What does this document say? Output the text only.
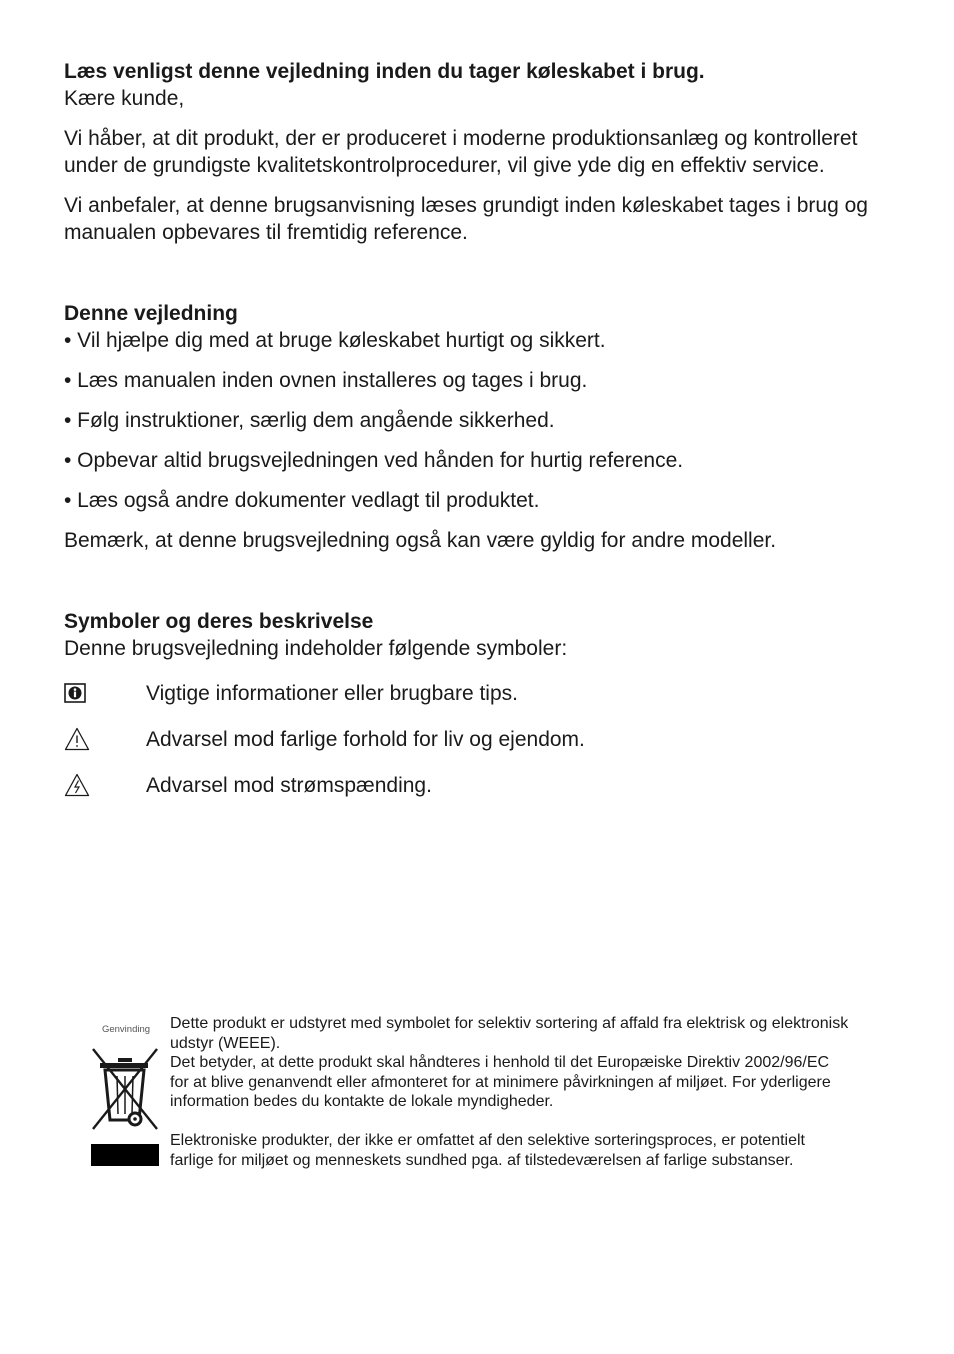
Læs venligst denne vejledning inden du tager køleskabet i brug.

Kære kunde,

Vi håber, at dit produkt, der er produceret i moderne produktionsanlæg og kontrolleret under de grundigste kvalitetskontrolprocedurer, vil give yde dig en effektiv service.

Vi anbefaler, at denne brugsanvisning læses grundigt inden køleskabet tages i brug og manualen opbevares til fremtidig reference.

Denne vejledning

• Vil hjælpe dig med at bruge køleskabet hurtigt og sikkert.

• Læs manualen inden ovnen installeres og tages i brug.

• Følg instruktioner, særlig dem angående sikkerhed.

• Opbevar altid brugsvejledningen ved hånden for hurtig reference.

• Læs også andre dokumenter vedlagt til produktet.

Bemærk, at denne brugsvejledning også kan være gyldig for andre modeller.

Symboler og deres beskrivelse

Denne brugsvejledning indeholder følgende symboler:

Vigtige informationer eller brugbare tips.
Advarsel mod farlige forhold for liv og ejendom.
Advarsel mod strømspænding.
Genvinding	Dette produkt er udstyret med symbolet for selektiv sortering af affald fra elektrisk og elektronisk udstyr (WEEE).

Det betyder, at dette produkt skal håndteres i henhold til det Europæiske Direktiv 2002/96/EC for at blive genanvendt eller afmonteret for at minimere påvirkningen af miljøet. For yderligere information bedes du kontakte de lokale myndigheder.

Elektroniske produkter, der ikke er omfattet af den selektive sorteringsproces, er potentielt farlige for miljøet og menneskets sundhed pga. af tilstedeværelsen af farlige substanser.
